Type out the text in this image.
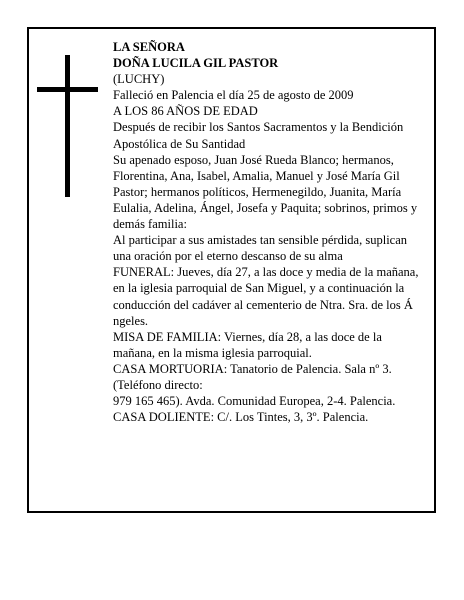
LA SEÑORA

DOÑA LUCILA GIL PASTOR

(LUCHY)

Falleció en Palencia el día 25 de agosto de 2009

A LOS 86 AÑOS DE EDAD

Después de recibir los Santos Sacramentos y la Bendición Apostólica de Su Santidad

Su apenado esposo, Juan José Rueda Blanco; hermanos, Florentina, Ana, Isabel, Amalia, Manuel y José María Gil Pastor; hermanos políticos, Hermenegildo, Juanita, María Eulalia, Adelina, Ángel, Josefa y Paquita; sobrinos, primos y demás familia:

Al participar a sus amistades tan sensible pérdida, suplican una oración por el eterno descanso de su alma

FUNERAL: Jueves, día 27, a las doce y media de la mañana, en la iglesia parroquial de San Miguel, y a continuación la conducción del cadáver al cementerio de Ntra. Sra. de los Á ngeles.

MISA DE FAMILIA: Viernes, día 28, a las doce de la mañana, en la misma iglesia parroquial.

CASA MORTUORIA: Tanatorio de Palencia. Sala nº 3. (Teléfono directo:

979 165 465). Avda. Comunidad Europea, 2-4. Palencia.

CASA DOLIENTE: C/. Los Tintes, 3, 3º. Palencia.
